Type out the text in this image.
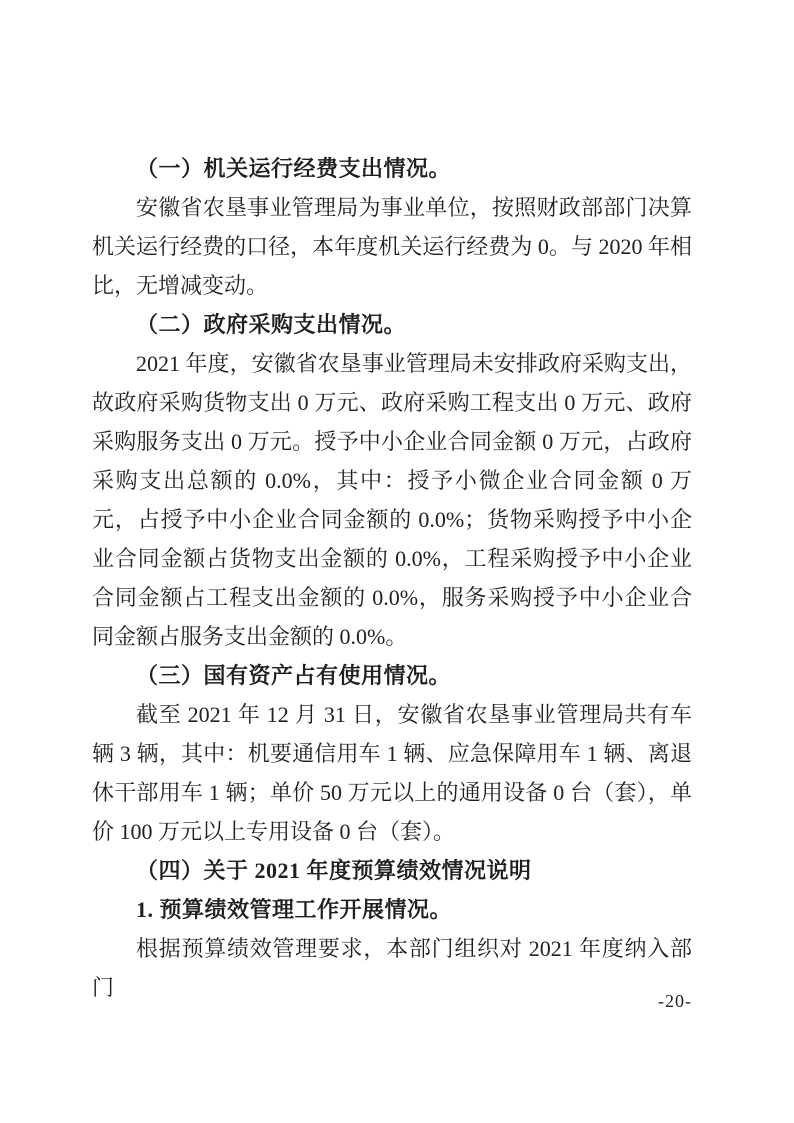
（一）机关运行经费支出情况。

安徽省农垦事业管理局为事业单位，按照财政部部门决算机关运行经费的口径，本年度机关运行经费为 0。与 2020 年相比，无增减变动。

（二）政府采购支出情况。

2021 年度，安徽省农垦事业管理局未安排政府采购支出，故政府采购货物支出 0 万元、政府采购工程支出 0 万元、政府采购服务支出 0 万元。授予中小企业合同金额 0 万元，占政府采购支出总额的 0.0%，其中：授予小微企业合同金额 0 万元，占授予中小企业合同金额的 0.0%；货物采购授予中小企业合同金额占货物支出金额的 0.0%，工程采购授予中小企业合同金额占工程支出金额的 0.0%，服务采购授予中小企业合同金额占服务支出金额的 0.0%。

（三）国有资产占有使用情况。

截至 2021 年 12 月 31 日，安徽省农垦事业管理局共有车辆 3 辆，其中：机要通信用车 1 辆、应急保障用车 1 辆、离退休干部用车 1 辆；单价 50 万元以上的通用设备 0 台（套），单价 100 万元以上专用设备 0 台（套）。

（四）关于 2021 年度预算绩效情况说明
1. 预算绩效管理工作开展情况。

根据预算绩效管理要求，本部门组织对 2021 年度纳入部门

-20-
